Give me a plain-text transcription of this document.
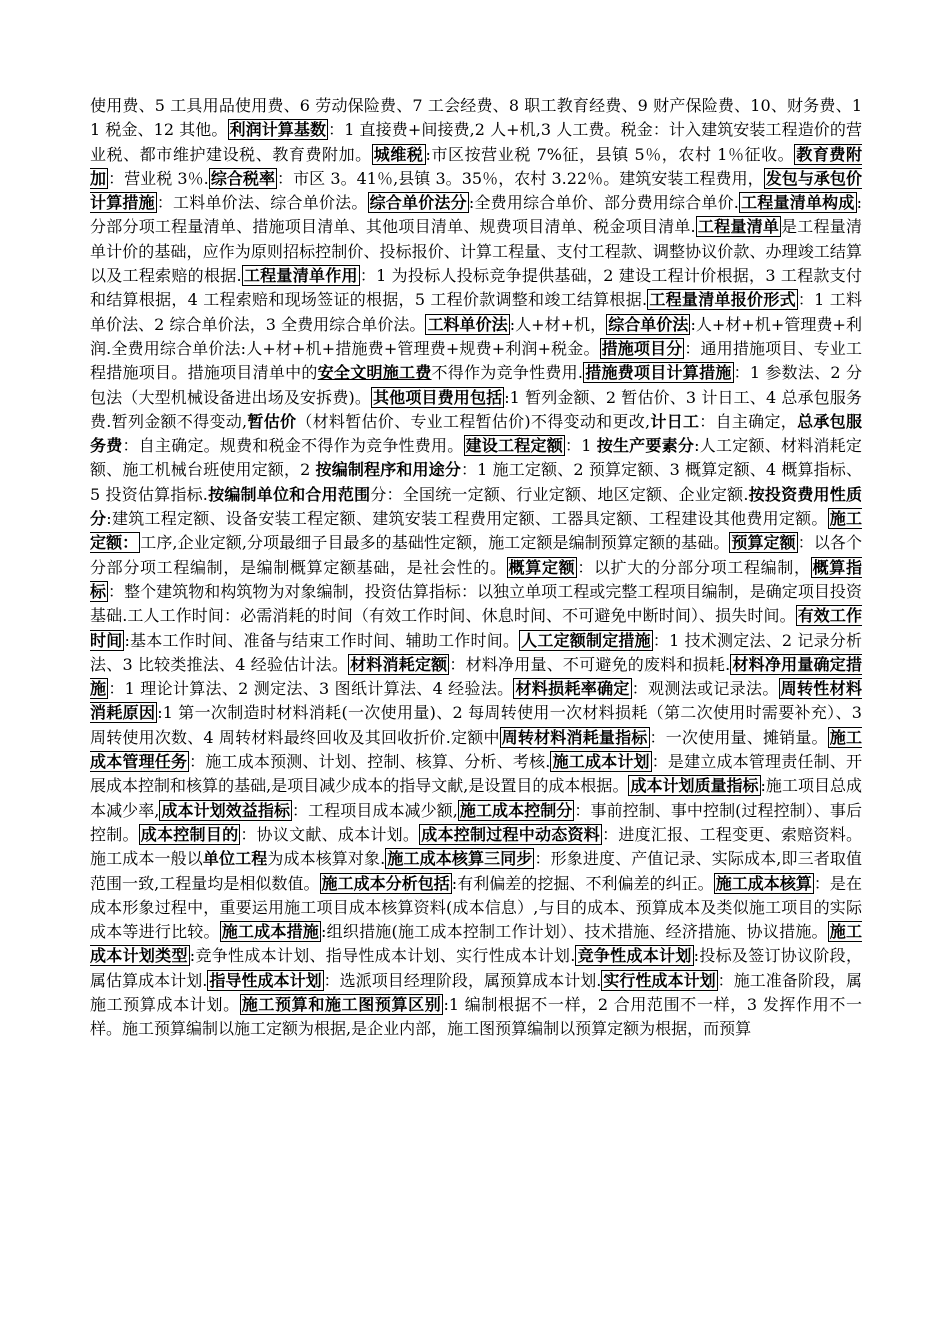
使用费、5 工具用品使用费、6 劳动保险费、7 工会经费、8 职工教育经费、9 财产保险费、10、财务费、11 税金、12 其他。 利润计算基数 ：1 直接费+间接费,2 人+机,3 人工费。税金：计入建筑安装工程造价的营业税、都市维护建设税、教育费附加。 城维税 :市区按营业税 7%征，县镇 5％，农村 1％征收。 教育费附加 ：营业税 3％. 综合税率 ：市区 3。41％,县镇 3。35％，农村 3.22％。建筑安装工程费用， 发包与承包价计算措施 ：工料单价法、综合单价法。 综合单价法分 :全费用综合单价、部分费用综合单价. 工程量清单构成 :分部分项工程量清单、措施项目清单、其他项目清单、规费项目清单、税金项目清单. 工程量清单 是工程量清单计价的基础，应作为原则招标控制价、投标报价、计算工程量、支付工程款、调整协议价款、办理竣工结算以及工程索赔的根据. 工程量清单作用 ：1 为投标人投标竞争提供基础，2 建设工程计价根据，3 工程款支付和结算根据，4 工程索赔和现场签证的根据，5 工程价款调整和竣工结算根据. 工程量清单报价形式 ：1 工料单价法、2 综合单价法，3 全费用综合单价法。 工料单价法 :人+材+机， 综合单价法 :人+材+机+管理费+利润.全费用综合单价法:人+材+机+措施费+管理费+规费+利润+税金。 措施项目分 ：通用措施项目、专业工程措施项目。措施项目清单中的安全文明施工费不得作为竞争性费用. 措施费项目计算措施 ：1 参数法、2 分包法（大型机械设备进出场及安拆费)。 其他项目费用包括 :1 暂列金额、2 暂估价、3 计日工、4 总承包服务费.暂列金额不得变动,暂估价（材料暂估价、专业工程暂估价)不得变动和更改,计日工：自主确定，总承包服务费：自主确定。规费和税金不得作为竞争性费用。 建设工程定额 ：1 按生产要素分:人工定额、材料消耗定额、施工机械台班使用定额，2 按编制程序和用途分：1 施工定额、2 预算定额、3 概算定额、4 概算指标、5 投资估算指标.按编制单位和合用范围分：全国统一定额、行业定额、地区定额、企业定额.按投资费用性质分:建筑工程定额、设备安装工程定额、建筑安装工程费用定额、工器具定额、工程建设其他费用定额。 施工定额： 工序,企业定额,分项最细子目最多的基础性定额，施工定额是编制预算定额的基础。 预算定额 ：以各个分部分项工程编制，是编制概算定额基础，是社会性的。 概算定额 ：以扩大的分部分项工程编制， 概算指标 ：整个建筑物和构筑物为对象编制，投资估算指标：以独立单项工程或完整工程项目编制，是确定项目投资基础.工人工作时间：必需消耗的时间（有效工作时间、休息时间、不可避免中断时间）、损失时间。 有效工作时间 :基本工作时间、准备与结束工作时间、辅助工作时间。 人工定额制定措施 ：1 技术测定法、2 记录分析法、3 比较类推法、4 经验估计法。 材料消耗定额 ：材料净用量、不可避免的废料和损耗. 材料净用量确定措施 ：1 理论计算法、2 测定法、3 图纸计算法、4 经验法。 材料损耗率确定 ：观测法或记录法。 周转性材料消耗原因 :1 第一次制造时材料消耗(一次使用量)、2 每周转使用一次材料损耗（第二次使用时需要补充）、3 周转使用次数、4 周转材料最终回收及其回收折价.定额中 周转材料消耗量指标 ：一次使用量、摊销量。 施工成本管理任务 ：施工成本预测、计划、控制、核算、分析、考核. 施工成本计划 ：是建立成本管理责任制、开展成本控制和核算的基础,是项目减少成本的指导文献,是设置目的成本根据。 成本计划质量指标 :施工项目总成本减少率, 成本计划效益指标 ：工程项目成本减少额, 施工成本控制分 ：事前控制、事中控制(过程控制）、事后控制。 成本控制目的 ：协议文献、成本计划。 成本控制过程中动态资料 ：进度汇报、工程变更、索赔资料。施工成本一般以单位工程为成本核算对象. 施工成本核算三同步 ：形象进度、产值记录、实际成本,即三者取值范围一致,工程量均是相似数值。 施工成本分析包括 :有利偏差的挖掘、不利偏差的纠正。 施工成本核算 ：是在成本形象过程中，重要运用施工项目成本核算资料(成本信息）,与目的成本、预算成本及类似施工项目的实际成本等进行比较。 施工成本措施 :组织措施(施工成本控制工作计划）、技术措施、经济措施、协议措施。 施工成本计划类型 :竞争性成本计划、指导性成本计划、实行性成本计划. 竞争性成本计划 :投标及签订协议阶段，属估算成本计划. 指导性成本计划 ：选派项目经理阶段，属预算成本计划. 实行性成本计划 ：施工准备阶段，属施工预算成本计划。 施工预算和施工图预算区别 :1 编制根据不一样，2 合用范围不一样，3 发挥作用不一样。施工预算编制以施工定额为根据,是企业内部，施工图预算编制以预算定额为根据，而预算
